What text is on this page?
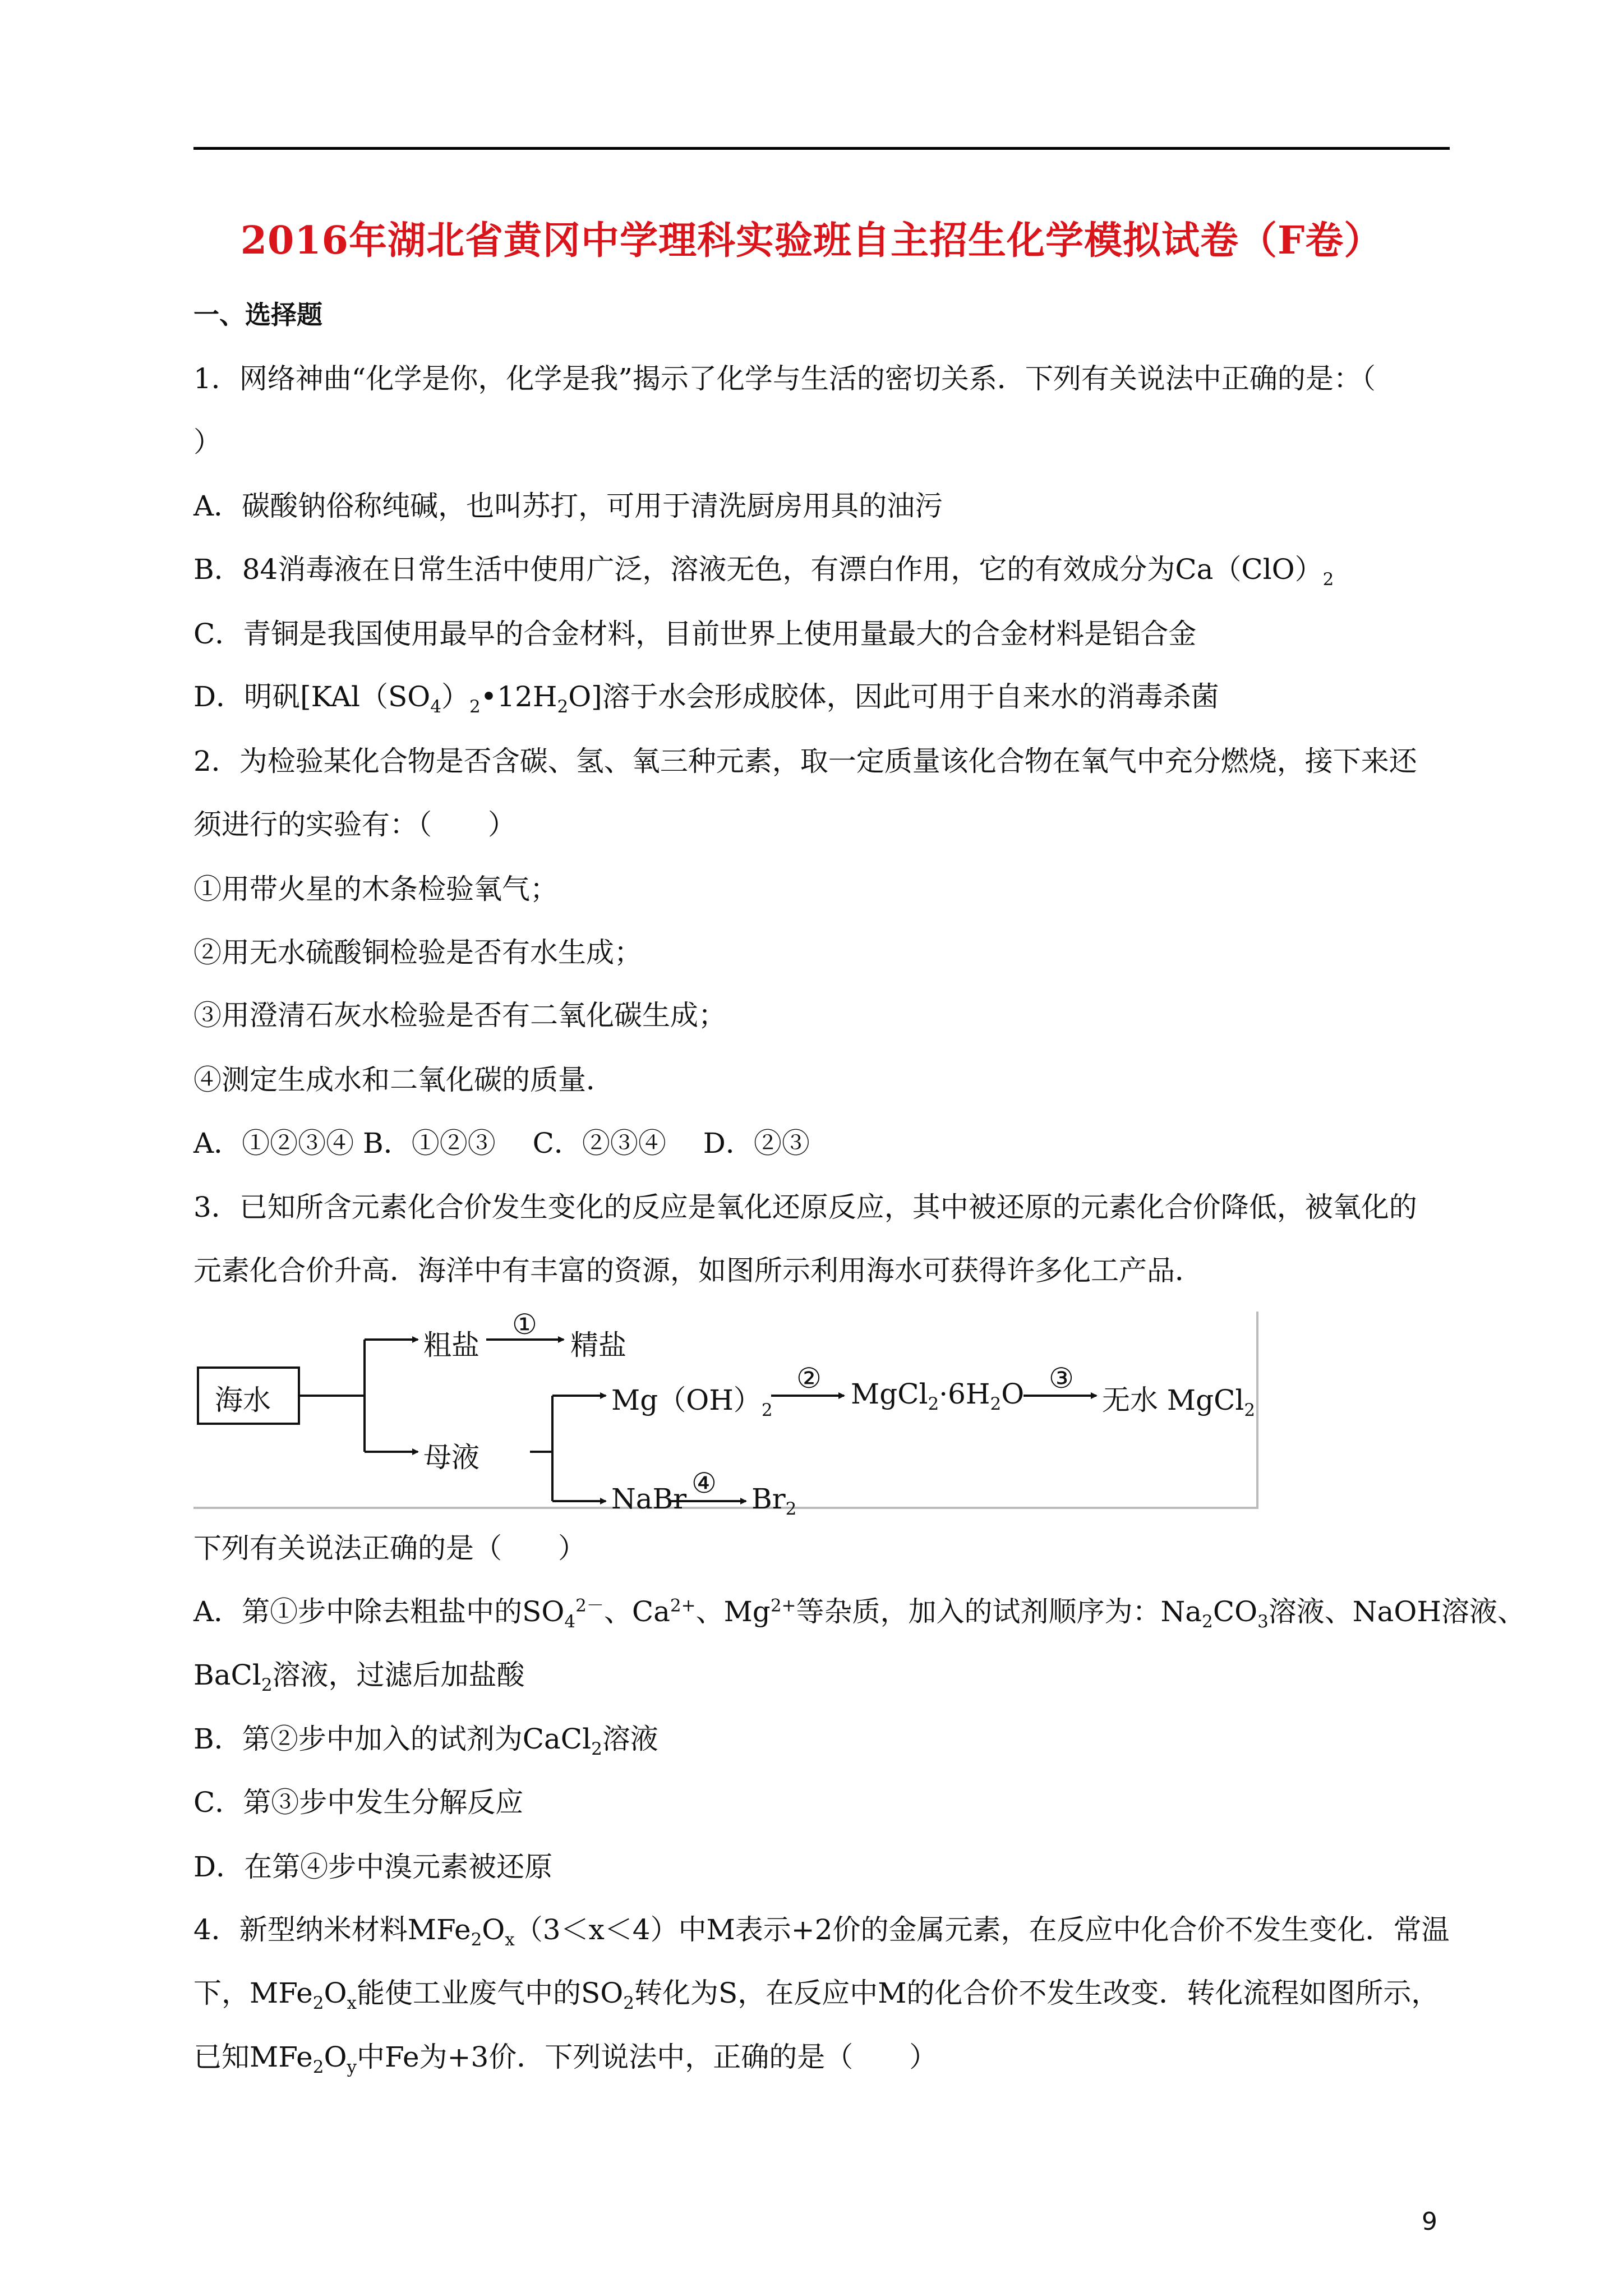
2016年湖北省黄冈中学理科实验班自主招生化学模拟试卷（F卷）
一、选择题
1．网络神曲“化学是你，化学是我”揭示了化学与生活的密切关系．下列有关说法中正确的是：（
）
A．碳酸钠俗称纯碱，也叫苏打，可用于清洗厨房用具的油污
B．84消毒液在日常生活中使用广泛，溶液无色，有漂白作用，它的有效成分为$Ca(ClO)_2$
C．青铜是我国使用最早的合金材料，目前世界上使用量最大的合金材料是铝合金
D．明矾$[KAl(SO_4)_2•12H_2O]$溶于水会形成胶体，因此可用于自来水的消毒杀菌
2．为检验某化合物是否含碳、氢、氧三种元素，取一定质量该化合物在氧气中充分燃烧，接下来还
须进行的实验有：（　　）
①用带火星的木条检验氧气；
②用无水硫酸铜检验是否有水生成；
③用澄清石灰水检验是否有二氧化碳生成；
④测定生成水和二氧化碳的质量．
A．①②③④ B．①②③　 C．②③④　 D．②③
3．已知所含元素化合价发生变化的反应是氧化还原反应，其中被还原的元素化合价降低，被氧化的
元素化合价升高．海洋中有丰富的资源，如图所示利用海水可获得许多化工产品．
海水
粗盐
①
精盐
母液
$Mg(OH)_2$
② $MgCl_2\cdot 6H_2O$ ③
无水 MgCl$_2$
NaBr ④ $Br_2$
下列有关说法正确的是（　　）
A．第①步中除去粗盐中的$SO_4^{2-}$、$Ca^{2+}$、$Mg^{2+}$等杂质，加入的试剂顺序为：$Na_2CO_3$溶液、NaOH溶液、
BaCl$_2$溶液，过滤后加盐酸
B．第②步中加入的试剂为CaCl$_2$溶液
C．第③步中发生分解反应
D．在第④步中溴元素被还原
4．新型纳米材料$MFe_2O_x(3<x<4)$中M表示+2价的金属元素，在反应中化合价不发生变化．常温
下，$MFe_2O_x$能使工业废气中的$SO_2$转化为S，在反应中M的化合价不发生改变．转化流程如图所示，
已知$MFe_2O_y$中Fe为+3价．下列说法中，正确的是（　　）
9
